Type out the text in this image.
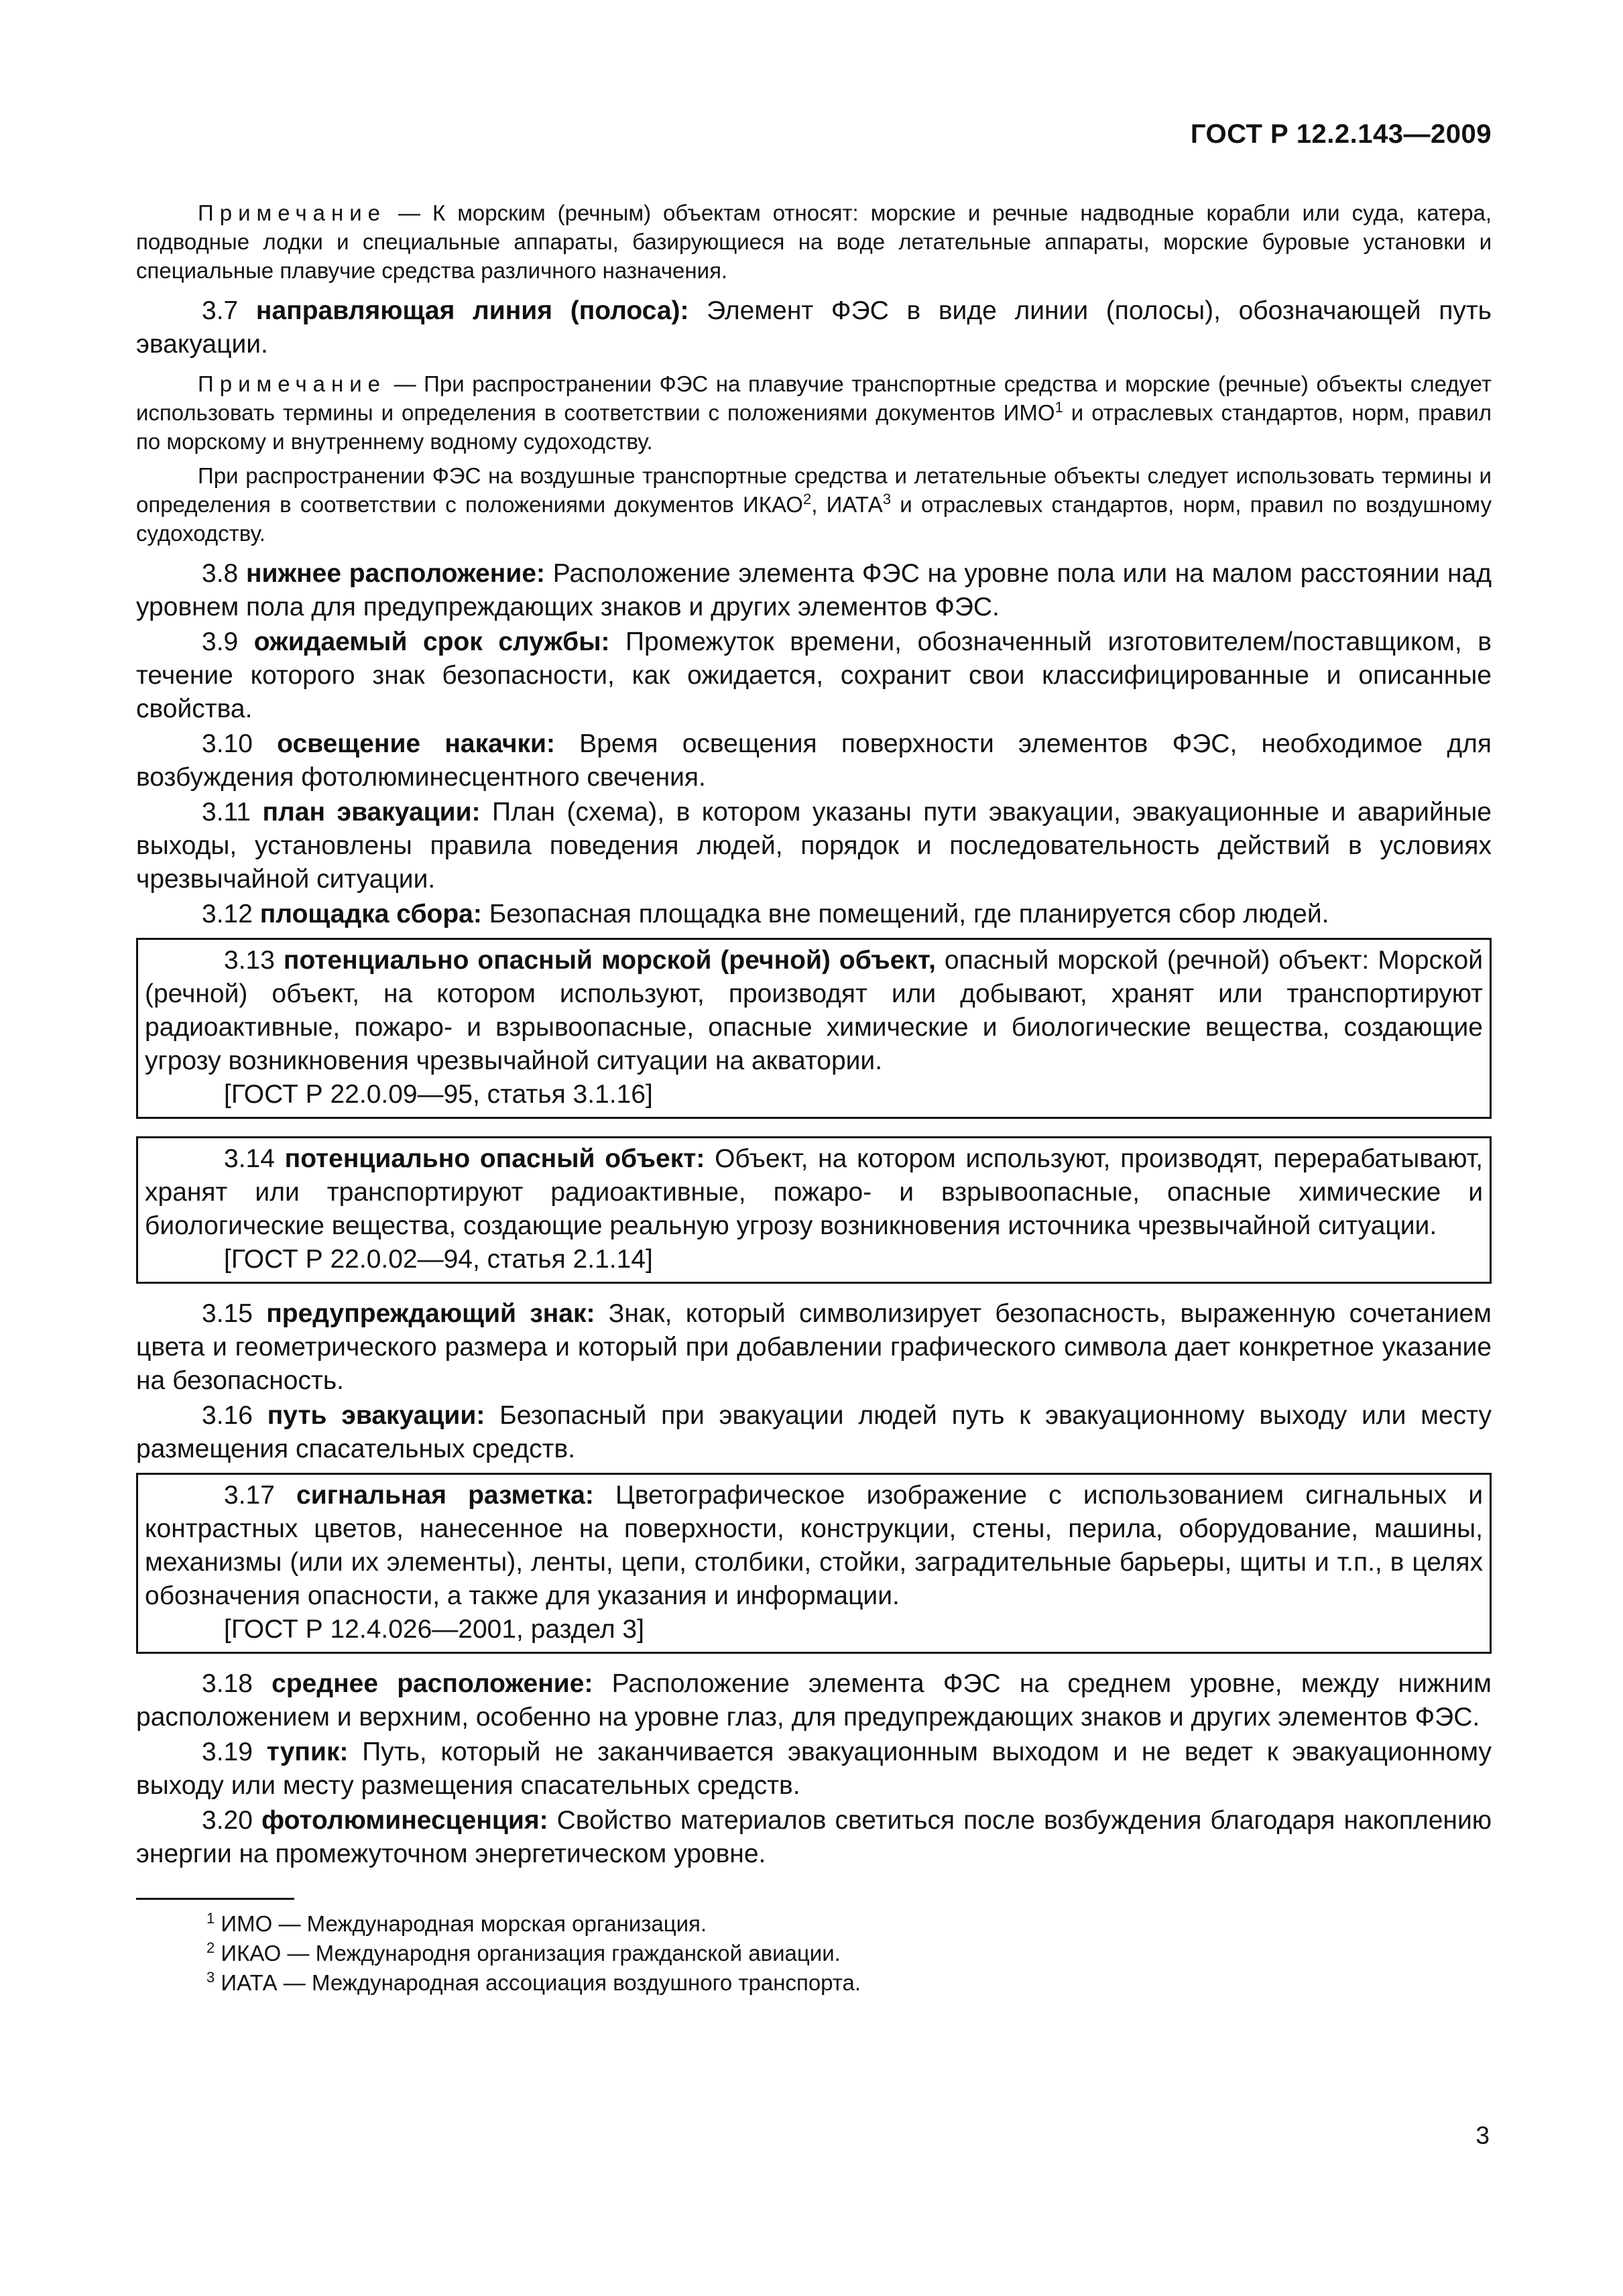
ГОСТ Р 12.2.143—2009

Примечание — К морским (речным) объектам относят: морские и речные надводные корабли или суда, катера, подводные лодки и специальные аппараты, базирующиеся на воде летательные аппараты, морские буровые установки и специальные плавучие средства различного назначения.

3.7 направляющая линия (полоса): Элемент ФЭС в виде линии (полосы), обозначающей путь эвакуации.

Примечание — При распространении ФЭС на плавучие транспортные средства и морские (речные) объекты следует использовать термины и определения в соответствии с положениями документов ИМО$^1$ и отраслевых стандартов, норм, правил по морскому и внутреннему водному судоходству.

При распространении ФЭС на воздушные транспортные средства и летательные объекты следует использовать термины и определения в соответствии с положениями документов ИКАО$^2$, ИАТА$^3$ и отраслевых стандартов, норм, правил по воздушному судоходству.

3.8 нижнее расположение: Расположение элемента ФЭС на уровне пола или на малом расстоянии над уровнем пола для предупреждающих знаков и других элементов ФЭС.

3.9 ожидаемый срок службы: Промежуток времени, обозначенный изготовителем/поставщиком, в течение которого знак безопасности, как ожидается, сохранит свои классифицированные и описанные свойства.

3.10 освещение накачки: Время освещения поверхности элементов ФЭС, необходимое для возбуждения фотолюминесцентного свечения.

3.11 план эвакуации: План (схема), в котором указаны пути эвакуации, эвакуационные и аварийные выходы, установлены правила поведения людей, порядок и последовательность действий в условиях чрезвычайной ситуации.

3.12 площадка сбора: Безопасная площадка вне помещений, где планируется сбор людей.

3.13 потенциально опасный морской (речной) объект, опасный морской (речной) объект: Морской (речной) объект, на котором используют, производят или добывают, хранят или транспортируют радиоактивные, пожаро- и взрывоопасные, опасные химические и биологические вещества, создающие угрозу возникновения чрезвычайной ситуации на акватории.

[ГОСТ Р 22.0.09—95, статья 3.1.16]

3.14 потенциально опасный объект: Объект, на котором используют, производят, перерабатывают, хранят или транспортируют радиоактивные, пожаро- и взрывоопасные, опасные химические и биологические вещества, создающие реальную угрозу возникновения источника чрезвычайной ситуации.

[ГОСТ Р 22.0.02—94, статья 2.1.14]

3.15 предупреждающий знак: Знак, который символизирует безопасность, выраженную сочетанием цвета и геометрического размера и который при добавлении графического символа дает конкретное указание на безопасность.

3.16 путь эвакуации: Безопасный при эвакуации людей путь к эвакуационному выходу или месту размещения спасательных средств.

3.17 сигнальная разметка: Цветографическое изображение с использованием сигнальных и контрастных цветов, нанесенное на поверхности, конструкции, стены, перила, оборудование, машины, механизмы (или их элементы), ленты, цепи, столбики, стойки, заградительные барьеры, щиты и т.п., в целях обозначения опасности, а также для указания и информации.

[ГОСТ Р 12.4.026—2001, раздел 3]

3.18 среднее расположение: Расположение элемента ФЭС на среднем уровне, между нижним расположением и верхним, особенно на уровне глаз, для предупреждающих знаков и других элементов ФЭС.

3.19 тупик: Путь, который не заканчивается эвакуационным выходом и не ведет к эвакуационному выходу или месту размещения спасательных средств.

3.20 фотолюминесценция: Свойство материалов светиться после возбуждения благодаря накоплению энергии на промежуточном энергетическом уровне.

$^1$ ИМО — Международная морская организация.
$^2$ ИКАО — Международня организация гражданской авиации.
$^3$ ИАТА — Международная ассоциация воздушного транспорта.
3
